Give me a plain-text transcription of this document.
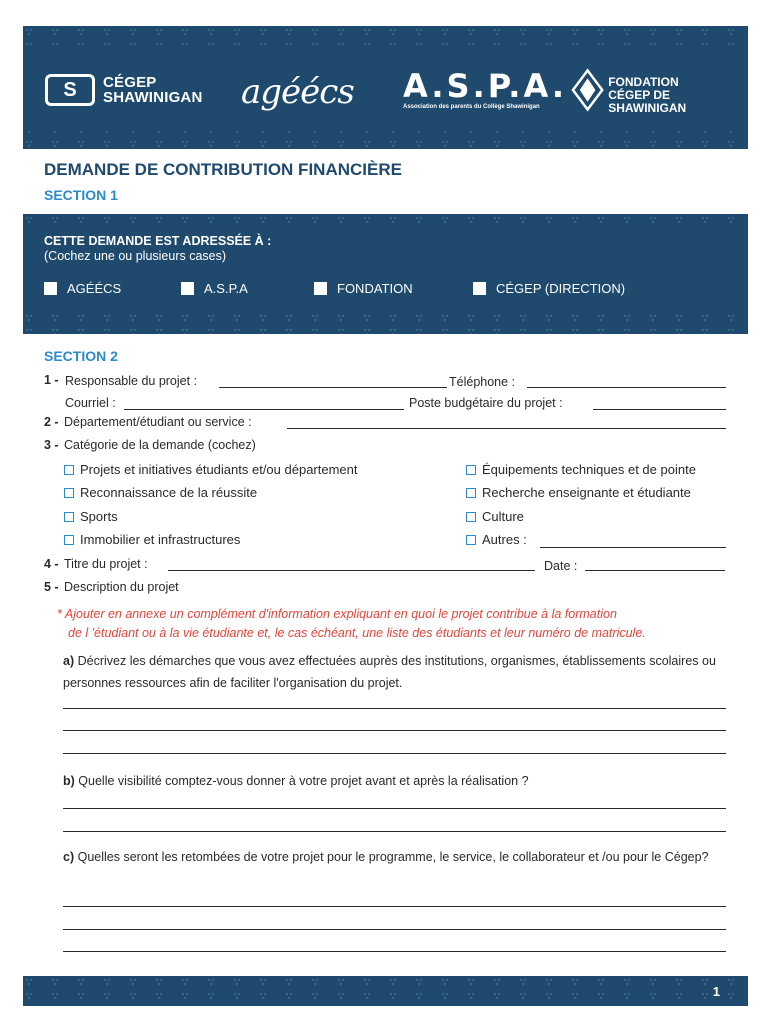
S	CÉGEP
SHAWINIGAN agéécs A.S.P.A.
Association des parents du Collège Shawinigan
FONDATION
CÉGEP DE SHAWINIGAN
DEMANDE DE CONTRIBUTION FINANCIÈRE
SECTION 1
CETTE DEMANDE EST ADRESSÉE À :
(Cochez une ou plusieurs cases)
AGÉÉCS	A.S.P.A	FONDATION	CÉGEP (DIRECTION)
SECTION 2
1 - Responsable du projet :	Téléphone :
Courriel :	Poste budgétaire du projet :
2 - Département/étudiant ou service :
3 - Catégorie de la demande (cochez)
Projets et initiatives étudiants et/ou département
Reconnaissance de la réussite
Sports
Immobilier et infrastructures
Équipements techniques et de pointe
Recherche enseignante et étudiante
Culture
Autres :
4 - Titre du projet :	Date :
5 - Description du projet
* Ajouter en annexe un complément d'information expliquant en quoi le projet contribue à la formation
de l 'étudiant ou à la vie étudiante et, le cas échéant, une liste des étudiants et leur numéro de matricule.
a) Décrivez les démarches que vous avez effectuées auprès des institutions, organismes, établissements scolaires ou personnes ressources afin de faciliter l'organisation du projet.
b) Quelle visibilité comptez-vous donner à votre projet avant et après la réalisation ?
c) Quelles seront les retombées de votre projet pour le programme, le service, le collaborateur et /ou pour le Cégep?
1
